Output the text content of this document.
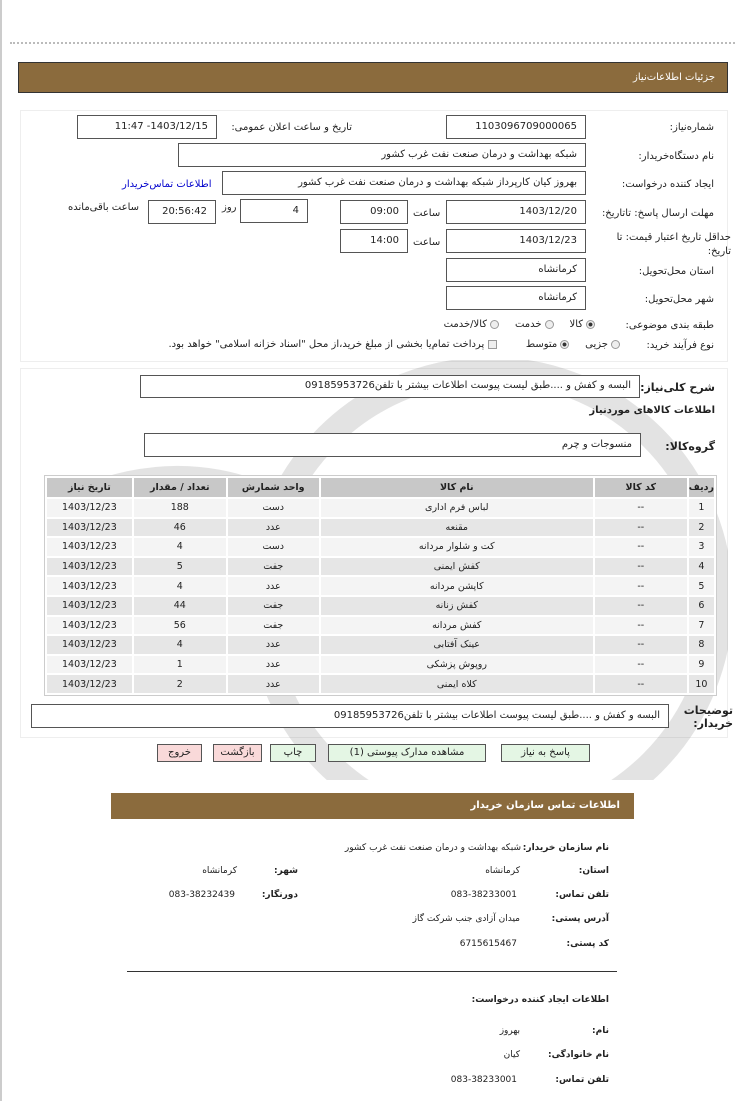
جزئیات اطلاعات‌نیاز
شماره‌نیاز:
1103096709000065
تاریخ و ساعت اعلان عمومی:
1403/12/15- 11:47
نام دستگاه‌خریدار:
شبکه بهداشت و درمان صنعت نفت غرب کشور
ایجاد کننده درخواست:
بهروز کیان کارپرداز شبکه بهداشت و درمان صنعت نفت غرب کشور
اطلاعات تماس‌خریدار
مهلت ارسال پاسخ: تاتاریخ:
1403/12/20
ساعت
09:00
4
روز
20:56:42
ساعت باقی‌مانده
حداقل تاریخ اعتبار قیمت: تا تاریخ:
1403/12/23
ساعت
14:00
استان محل‌تحویل:
کرمانشاه
شهر محل‌تحویل:
کرمانشاه
طبقه بندی موضوعی:
کالا     خدمت     کالا/خدمت
نوع فرآیند خرید:
جزیی     متوسط         پرداخت تمام‌یا بخشی از مبلغ خرید،از محل "اسناد خزانه اسلامی" خواهد بود.
شرح کلی‌نیاز:
البسه و کفش و ....طبق لیست پیوست اطلاعات بیشتر با تلفن09185953726
اطلاعات کالاهای موردنیاز
گروه‌کالا:
منسوجات و چرم
ردیف	کد کالا	نام کالا	واحد شمارش	تعداد / مقدار	تاریخ نیاز
1	--	لباس فرم اداری	دست	188	1403/12/23
2	--	مقنعه	عدد	46	1403/12/23
3	--	کت و شلوار مردانه	دست	4	1403/12/23
4	--	کفش ایمنی	جفت	5	1403/12/23
5	--	کاپشن مردانه	عدد	4	1403/12/23
6	--	کفش زنانه	جفت	44	1403/12/23
7	--	کفش مردانه	جفت	56	1403/12/23
8	--	عینک آفتابی	عدد	4	1403/12/23
9	--	روپوش پزشکی	عدد	1	1403/12/23
10	--	کلاه ایمنی	عدد	2	1403/12/23
توضیحات خریدار:
البسه و کفش و ....طبق لیست پیوست اطلاعات بیشتر با تلفن09185953726
پاسخ به نیاز
مشاهده مدارک پیوستی (1)
چاپ
بازگشت
خروج
اطلاعات تماس سازمان خریدار
نام سازمان خریدار:
شبکه بهداشت و درمان صنعت نفت غرب کشور
استان:
کرمانشاه
شهر:
کرمانشاه
تلفن تماس:
083-38233001
دورنگار:
083-38232439
آدرس پستی:
میدان آزادی جنب شرکت گاز
کد پستی:
6715615467
اطلاعات ایجاد کننده درخواست:
نام:
بهروز
نام خانوادگی:
کیان
تلفن تماس:
083-38233001
